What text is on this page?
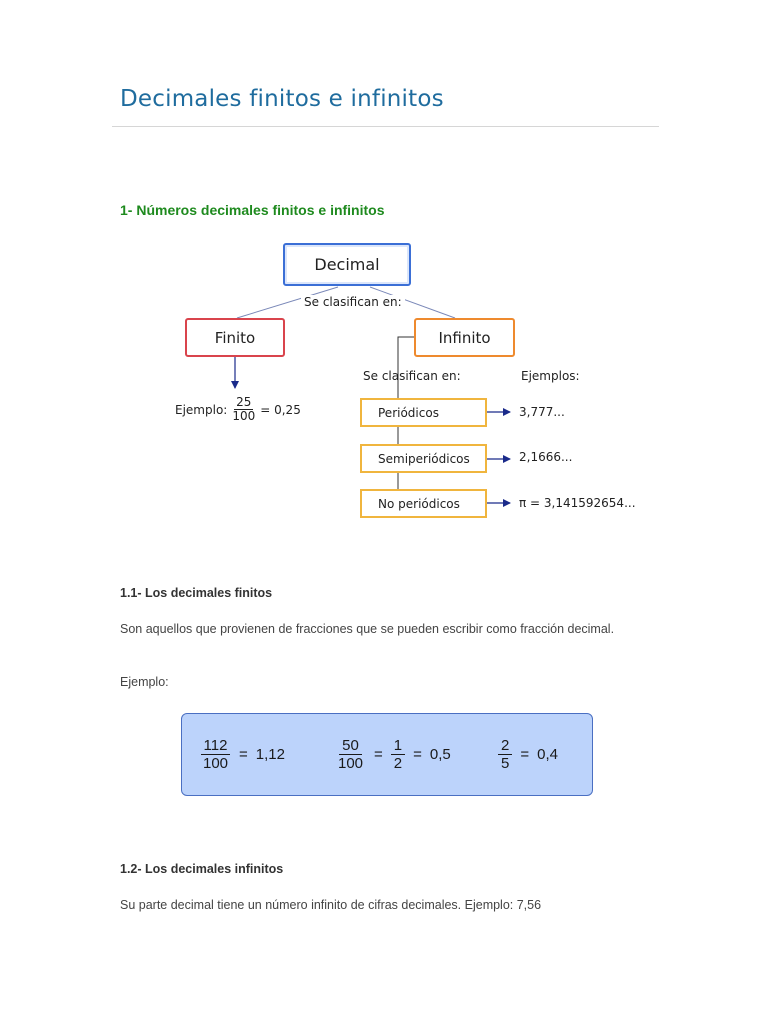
Decimales finitos e infinitos
1- Números decimales finitos e infinitos
Decimal
Se clasifican en:
Finito	Infinito
Ejemplo: $\frac{25}{100} = 0,25$
Se clasifican en:	Ejemplos:
Periódicos
Semiperiódicos
No periódicos
3,777...
2,1666...
π = 3,141592654...
1.1- Los decimales finitos

Son aquellos que provienen de fracciones que se pueden escribir como fracción decimal.

Ejemplo:

$\frac{112}{100} = 1,12$	$\frac{50}{100} = \frac{1}{2} = 0,5$	$\frac{2}{5} = 0,4$
1.2- Los decimales infinitos

Su parte decimal tiene un número infinito de cifras decimales. Ejemplo: 7,56
